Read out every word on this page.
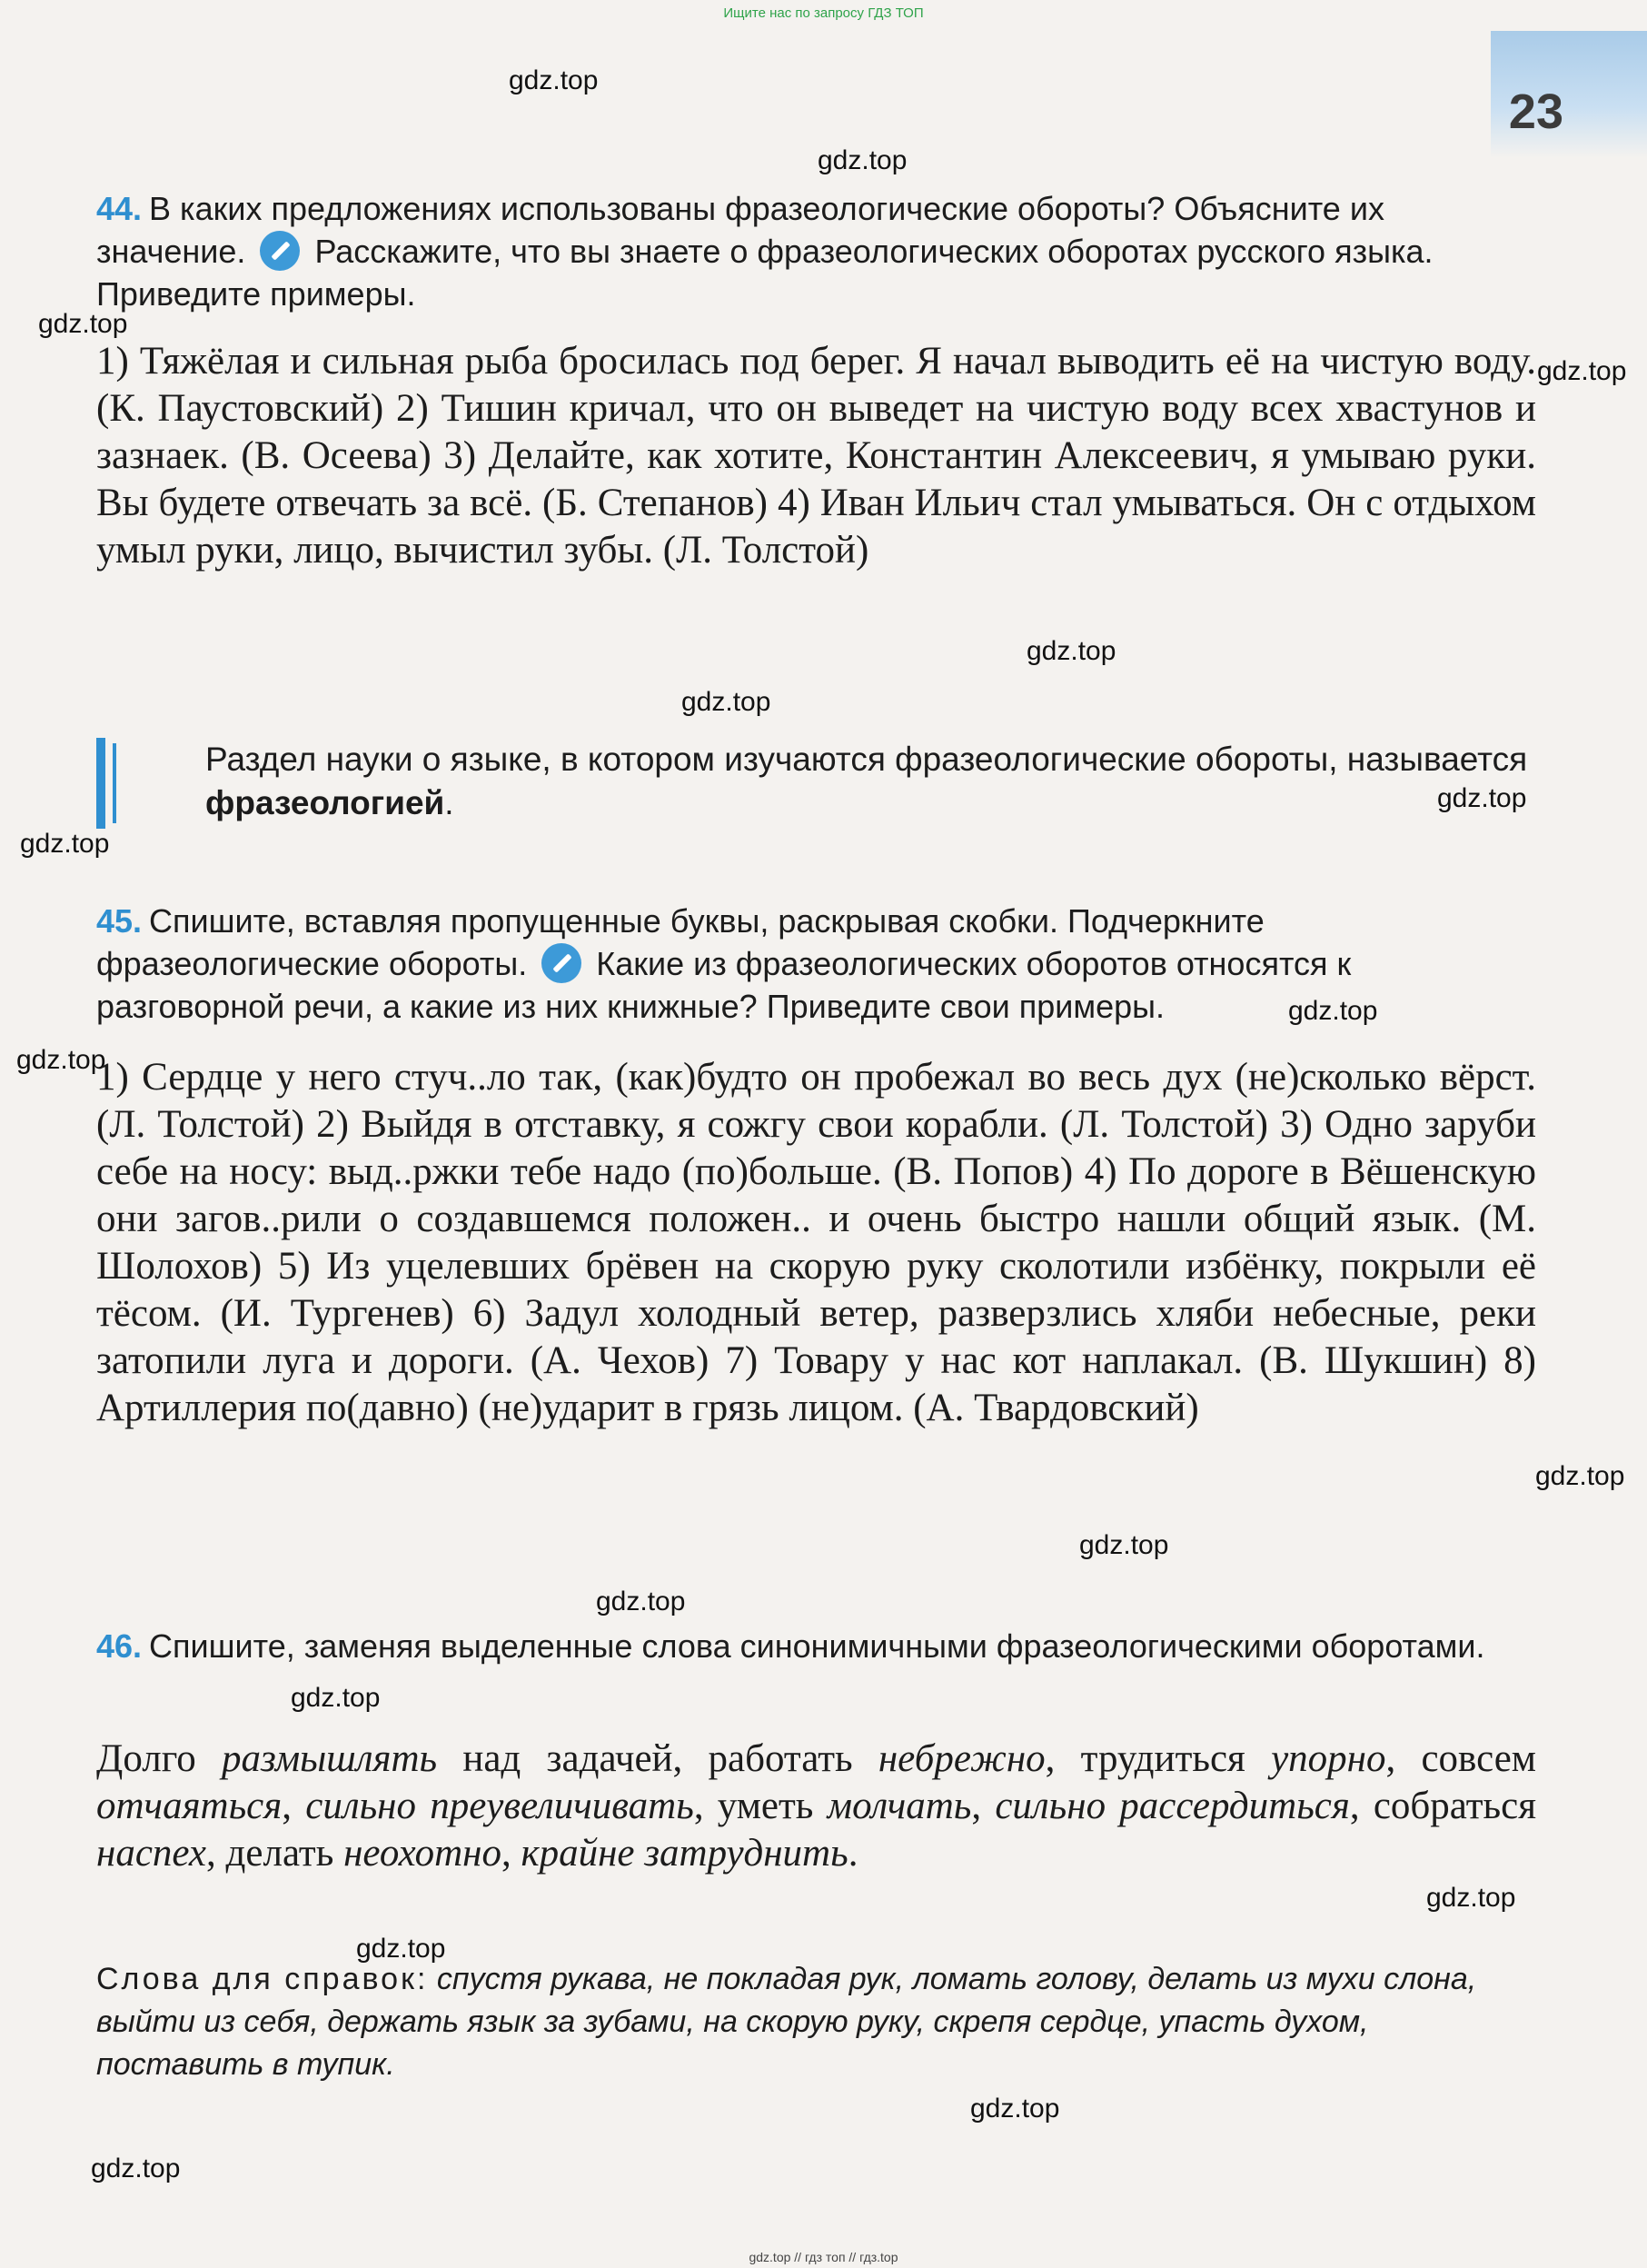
Ищите нас по запросу ГДЗ ТОП
23
gdz.top
gdz.top
gdz.top
gdz.top
gdz.top
gdz.top
gdz.top
gdz.top
gdz.top
gdz.top
gdz.top
gdz.top
gdz.top
gdz.top
gdz.top
gdz.top
gdz.top
gdz.top
44. В каких предложениях использованы фразеологические обороты? Объясните их значение. Расскажите, что вы знаете о фразеологических оборотах русского языка. Приведите примеры.
1) Тяжёлая и сильная рыба бросилась под берег. Я начал выводить её на чистую воду. (К. Паустовский) 2) Тишин кричал, что он выведет на чистую воду всех хвастунов и зазнаек. (В. Осеева) 3) Делайте, как хотите, Константин Алексеевич, я умываю руки. Вы будете отвечать за всё. (Б. Степанов) 4) Иван Ильич стал умываться. Он с отдыхом умыл руки, лицо, вычистил зубы. (Л. Толстой)
Раздел науки о языке, в котором изучаются фразеологические обороты, называется фразеологией.
45. Спишите, вставляя пропущенные буквы, раскрывая скобки. Подчеркните фразеологические обороты. Какие из фразеологических оборотов относятся к разговорной речи, а какие из них книжные? Приведите свои примеры.
1) Сердце у него стуч..ло так, (как)будто он пробежал во весь дух (не)сколько вёрст. (Л. Толстой) 2) Выйдя в отставку, я сожгу свои корабли. (Л. Толстой) 3) Одно заруби себе на носу: выд..ржки тебе надо (по)больше. (В. Попов) 4) По дороге в Вёшенскую они загов..рили о создавшемся положен.. и очень быстро нашли общий язык. (М. Шолохов) 5) Из уцелевших брёвен на скорую руку сколотили избёнку, покрыли её тёсом. (И. Тургенев) 6) Задул холодный ветер, разверзлись хляби небесные, реки затопили луга и дороги. (А. Чехов) 7) Товару у нас кот наплакал. (В. Шукшин) 8) Артиллерия по(давно) (не)ударит в грязь лицом. (А. Твардовский)
46. Спишите, заменяя выделенные слова синонимичными фразеологическими оборотами.
Долго размышлять над задачей, работать небрежно, трудиться упорно, совсем отчаяться, сильно преувеличивать, уметь молчать, сильно рассердиться, собраться наспех, делать неохотно, крайне затруднить.
Слова для справок: спустя рукава, не покладая рук, ломать голову, делать из мухи слона, выйти из себя, держать язык за зубами, на скорую руку, скрепя сердце, упасть духом, поставить в тупик.
gdz.top // гдз топ // гдз.top
